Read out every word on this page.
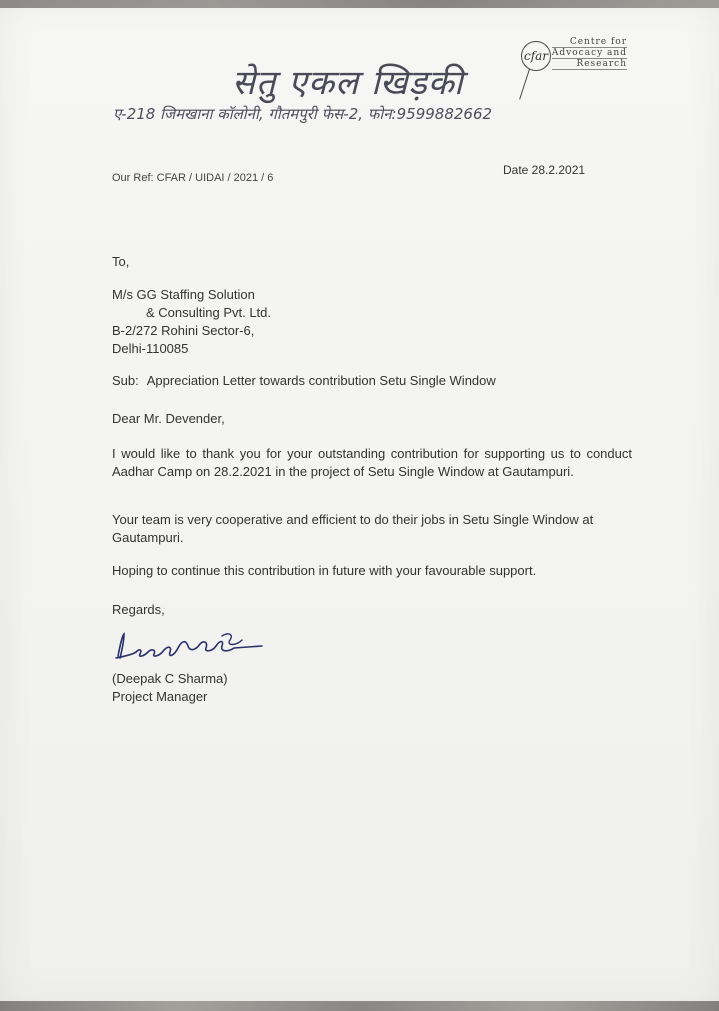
cfar
Centre for
Advocacy and
Research
सेतु एकल खिड़की
ए-218 जिमखाना कॉलोनी, गौतमपुरी फेस-2, फोन:9599882662
Our Ref: CFAR / UIDAI / 2021 / 6
Date 28.2.2021
To,
M/s GG Staffing Solution
& Consulting Pvt. Ltd.
B-2/272 Rohini Sector-6,
Delhi-110085
Sub: Appreciation Letter towards contribution Setu Single Window
Dear Mr. Devender,
I would like to thank you for your outstanding contribution for supporting us to conduct Aadhar Camp on 28.2.2021 in the project of Setu Single Window at Gautampuri.
Your team is very cooperative and efficient to do their jobs in Setu Single Window at Gautampuri.
Hoping to continue this contribution in future with your favourable support.
Regards,
(Deepak C Sharma)
Project Manager
